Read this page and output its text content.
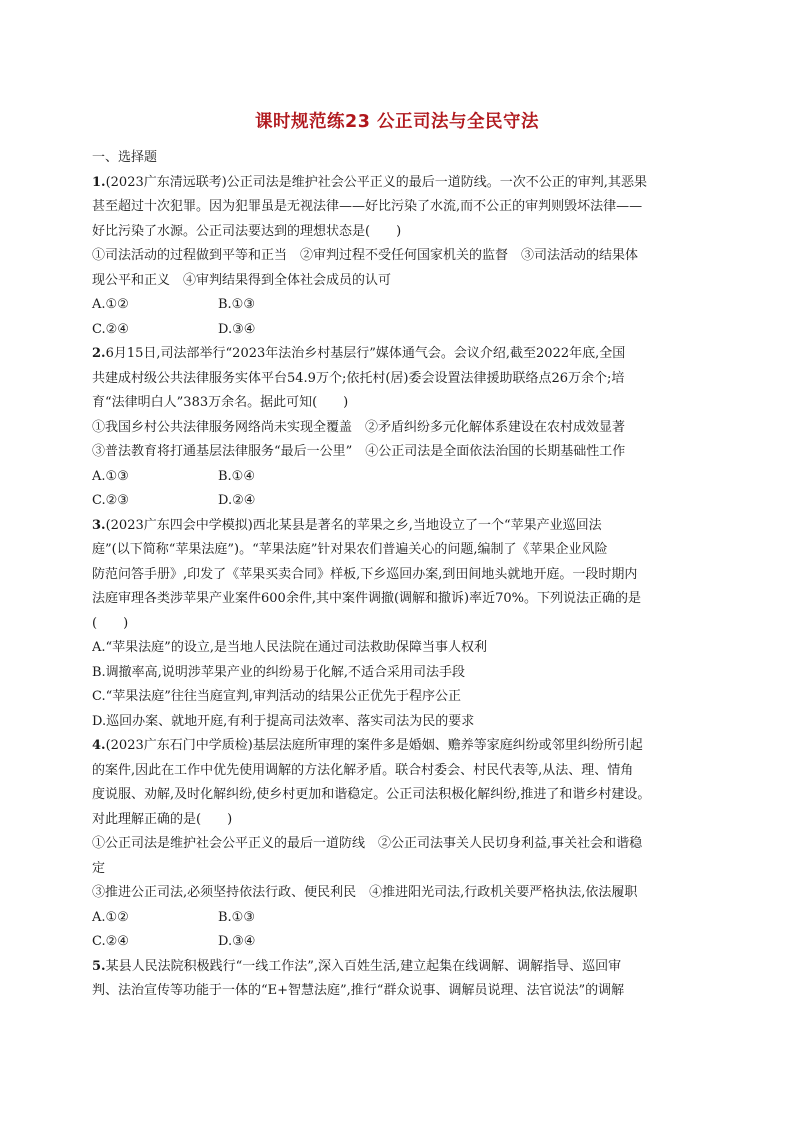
课时规范练23 公正司法与全民守法
一、选择题
1.(2023广东清远联考)公正司法是维护社会公平正义的最后一道防线。一次不公正的审判,其恶果
甚至超过十次犯罪。因为犯罪虽是无视法律——好比污染了水流,而不公正的审判则毁坏法律——
好比污染了水源。公正司法要达到的理想状态是(　　)
①司法活动的过程做到平等和正当　②审判过程不受任何国家机关的监督　③司法活动的结果体
现公平和正义　④审判结果得到全体社会成员的认可
A.①②	B.①③
C.②④	D.③④
2.6月15日,司法部举行“2023年法治乡村基层行”媒体通气会。会议介绍,截至2022年底,全国
共建成村级公共法律服务实体平台54.9万个;依托村(居)委会设置法律援助联络点26万余个;培
育“法律明白人”383万余名。据此可知(　　)
①我国乡村公共法律服务网络尚未实现全覆盖　②矛盾纠纷多元化解体系建设在农村成效显著
③普法教育将打通基层法律服务“最后一公里”　④公正司法是全面依法治国的长期基础性工作
A.①③	B.①④
C.②③	D.②④
3.(2023广东四会中学模拟)西北某县是著名的苹果之乡,当地设立了一个“苹果产业巡回法
庭”(以下简称“苹果法庭”)。“苹果法庭”针对果农们普遍关心的问题,编制了《苹果企业风险
防范问答手册》,印发了《苹果买卖合同》样板,下乡巡回办案,到田间地头就地开庭。一段时期内
法庭审理各类涉苹果产业案件600余件,其中案件调撤(调解和撤诉)率近70%。下列说法正确的是
(　　)
A.“苹果法庭”的设立,是当地人民法院在通过司法救助保障当事人权利
B.调撤率高,说明涉苹果产业的纠纷易于化解,不适合采用司法手段
C.“苹果法庭”往往当庭宣判,审判活动的结果公正优先于程序公正
D.巡回办案、就地开庭,有利于提高司法效率、落实司法为民的要求
4.(2023广东石门中学质检)基层法庭所审理的案件多是婚姻、赡养等家庭纠纷或邻里纠纷所引起
的案件,因此在工作中优先使用调解的方法化解矛盾。联合村委会、村民代表等,从法、理、情角
度说服、劝解,及时化解纠纷,使乡村更加和谐稳定。公正司法积极化解纠纷,推进了和谐乡村建设。
对此理解正确的是(　　)
①公正司法是维护社会公平正义的最后一道防线　②公正司法事关人民切身利益,事关社会和谐稳
定
③推进公正司法,必须坚持依法行政、便民利民　④推进阳光司法,行政机关要严格执法,依法履职
A.①②	B.①③
C.②④	D.③④
5.某县人民法院积极践行“一线工作法”,深入百姓生活,建立起集在线调解、调解指导、巡回审
判、法治宣传等功能于一体的“E+智慧法庭”,推行“群众说事、调解员说理、法官说法”的调解
